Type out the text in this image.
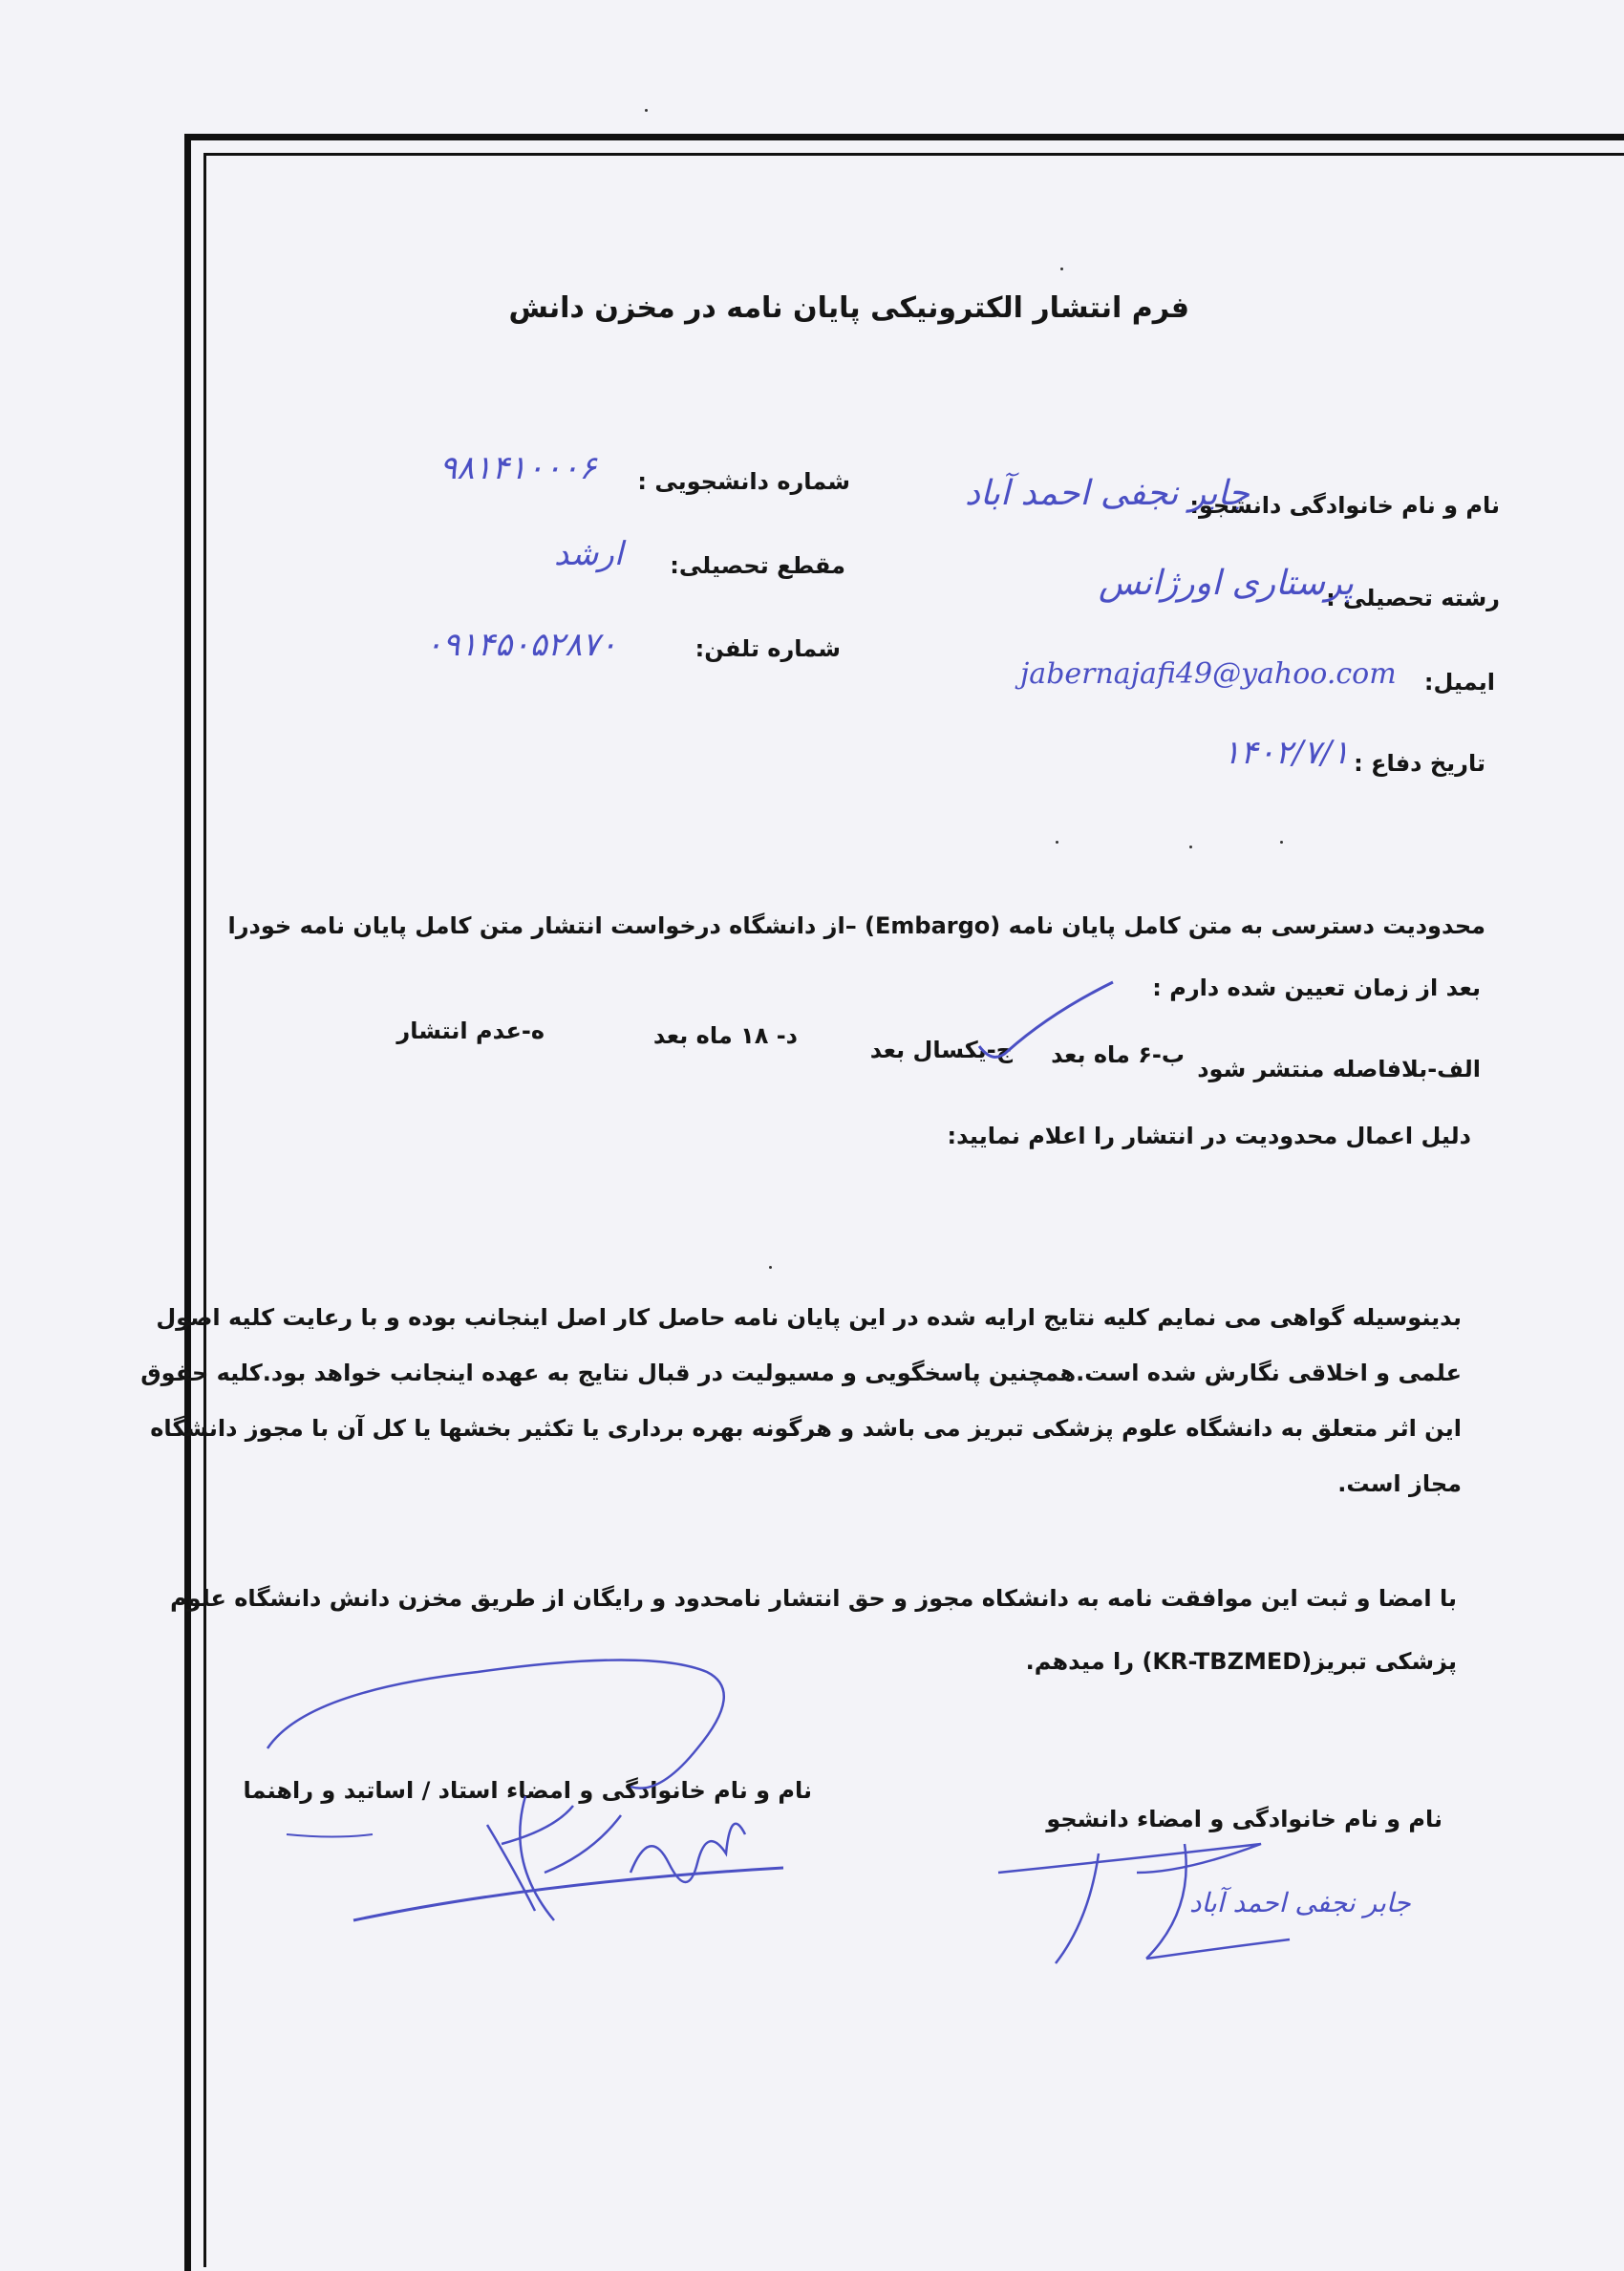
فرم انتشار الکترونیکی پایان نامه در مخزن دانش
نام و نام خانوادگی دانشجو:
جابر نجفی احمد آباد
رشته تحصیلی :
پرستاری اورژانس
ایمیل:
jabernajafi49@yahoo.com
تاریخ دفاع :
۱۴۰۲/۷/۱
شماره دانشجویی :
۹۸۱۴۱۰۰۰۶
مقطع تحصیلی:
ارشد
شماره تلفن:
۰۹۱۴۵۰۵۲۸۷۰
محدودیت دسترسی به متن کامل پایان نامه (Embargo) –از دانشگاه درخواست انتشار متن کامل پایان نامه خودرا
بعد از زمان تعیین شده دارم :
الف-بلافاصله منتشر شود
ب-۶ ماه بعد
ج-یکسال بعد
د- ۱۸ ماه بعد
ه-عدم انتشار
دلیل اعمال محدودیت در انتشار را اعلام نمایید:
بدینوسیله گواهی می نمایم کلیه نتایج ارایه شده در این پایان نامه حاصل کار اصل اینجانب بوده و با رعایت کلیه اصول
علمی و اخلاقی نگارش شده است.همچنین پاسخگویی و مسیولیت در قبال نتایج به عهده اینجانب خواهد بود.کلیه حقوق
این اثر متعلق به دانشگاه علوم پزشکی تبریز می باشد و هرگونه بهره برداری یا تکثیر بخشها یا کل آن با مجوز دانشگاه
مجاز است.
با امضا و ثبت این موافقت نامه به دانشکاه مجوز و حق انتشار نامحدود و رایگان از طریق مخزن دانش دانشگاه علوم
پزشکی تبریز(KR-TBZMED) را میدهم.
نام و نام خانوادگی و امضاء استاد / اساتید و راهنما
نام و نام خانوادگی و امضاء دانشجو
جابر نجفی احمد آباد
